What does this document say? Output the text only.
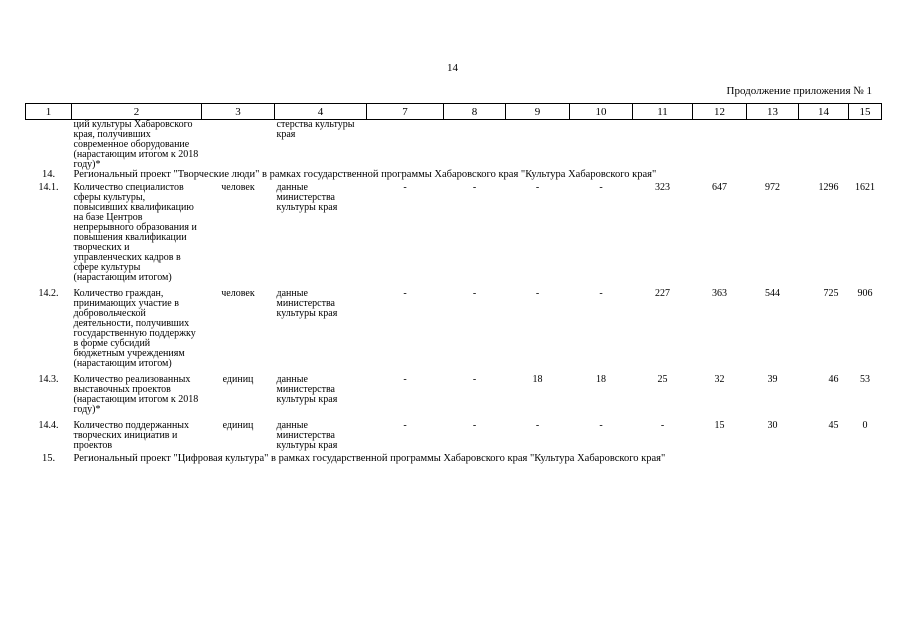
14
Продолжение приложения № 1
1	2	3	4	7	8	9	10	11	12	13	14	15
	ций культуры Хабаровского края, получивших современное оборудование (нарастающим итогом к 2018 году)*		стерства культуры края									
14.	Региональный проект "Творческие люди" в рамках государственной программы Хабаровского края "Культура Хабаровского края"											
14.1.	Количество специалистов сферы культуры, повысивших квалификацию на базе Центров непрерывного образования и повышения квалификации творческих и управленческих кадров в сфере культуры (нарастающим итогом)	человек	данные министерства культуры края	-	-	-	-	323	647	972	1296	1621
14.2.	Количество граждан, принимающих участие в добровольческой деятельности, получивших государственную поддержку в форме субсидий бюджетным учреждениям (нарастающим итогом)	человек	данные министерства культуры края	-	-	-	-	227	363	544	725	906
14.3.	Количество реализованных выставочных проектов (нарастающим итогом к 2018 году)*	единиц	данные министерства культуры края	-	-	18	18	25	32	39	46	53
14.4.	Количество поддержанных творческих инициатив и проектов	единиц	данные министерства культуры края	-	-	-	-	-	15	30	45	0
15.	Региональный проект "Цифровая культура" в рамках государственной программы Хабаровского края "Культура Хабаровского края"											
